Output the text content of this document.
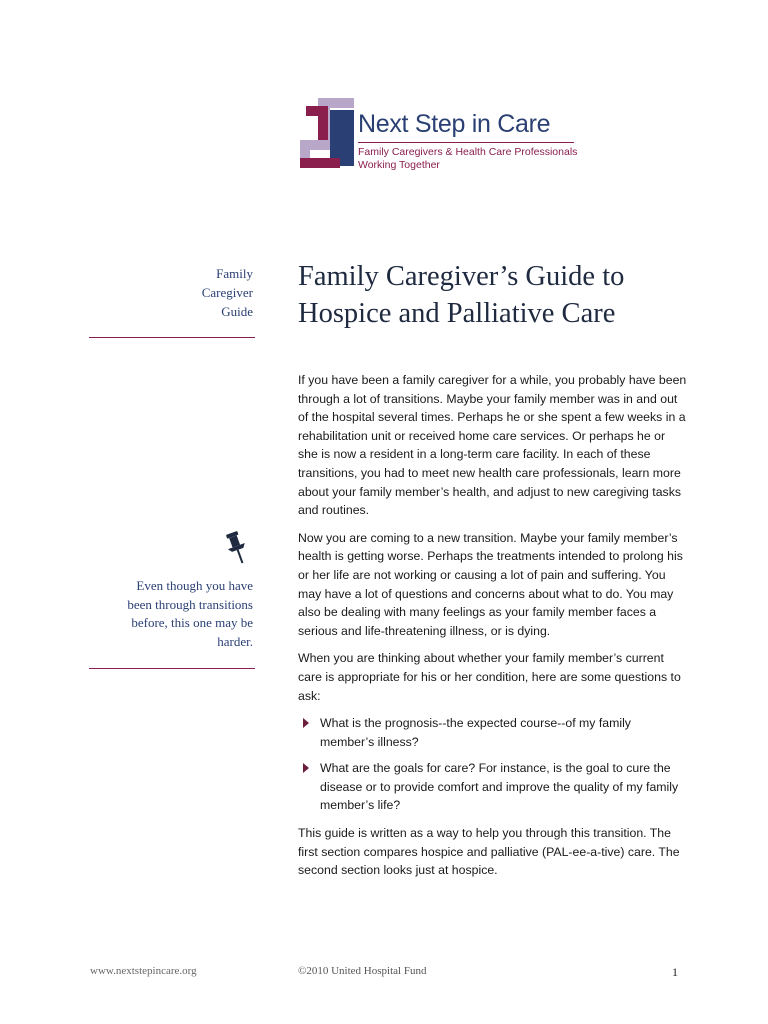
Next Step in Care
Family Caregivers & Health Care Professionals
Working Together
Family
Caregiver
Guide
Even though you have
been through transitions
before, this one may be
harder.
Family Caregiver’s Guide to
Hospice and Palliative Care

If you have been a family caregiver for a while, you probably have been through a lot of transitions. Maybe your family member was in and out of the hospital several times. Perhaps he or she spent a few weeks in a rehabilitation unit or received home care services. Or perhaps he or she is now a resident in a long-term care facility. In each of these transitions, you had to meet new health care professionals, learn more about your family member’s health, and adjust to new caregiving tasks and routines.

Now you are coming to a new transition. Maybe your family member’s health is getting worse. Perhaps the treatments intended to prolong his or her life are not working or causing a lot of pain and suffering. You may have a lot of questions and concerns about what to do. You may also be dealing with many feelings as your family member faces a serious and life-threatening illness, or is dying.

When you are thinking about whether your family member’s current care is appropriate for his or her condition, here are some questions to ask:

What is the prognosis--the expected course--of my family member’s illness?
What are the goals for care? For instance, is the goal to cure the disease or to provide comfort and improve the quality of my family member’s life?

This guide is written as a way to help you through this transition. The first section compares hospice and palliative (PAL-ee-a-tive) care. The second section looks just at hospice.

www.nextstepincare.org	©2010 United Hospital Fund	1
